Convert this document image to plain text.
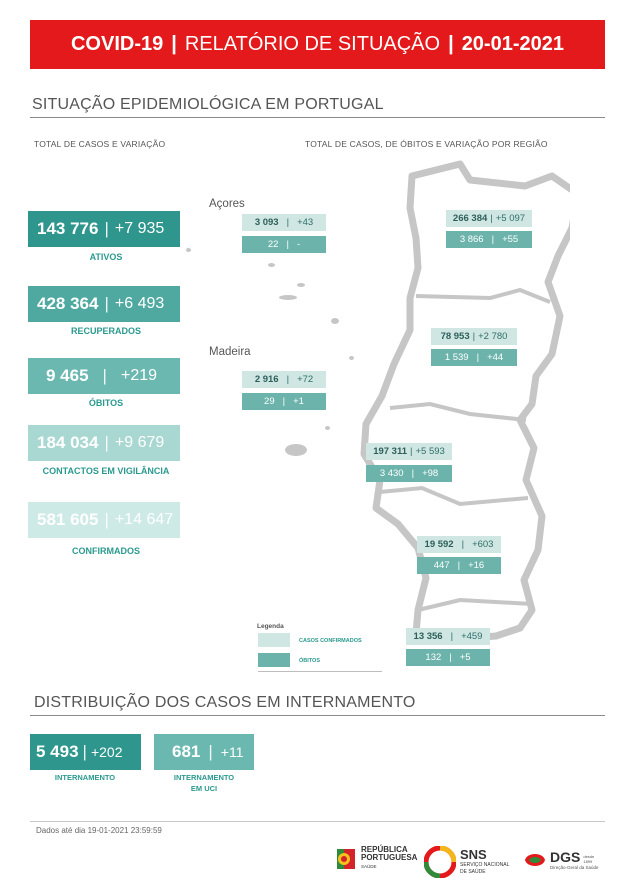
COVID-19 | RELATÓRIO DE SITUAÇÃO | 20-01-2021
SITUAÇÃO EPIDEMIOLÓGICA EM PORTUGAL
TOTAL DE CASOS E VARIAÇÃO	TOTAL DE CASOS, DE ÓBITOS E VARIAÇÃO POR REGIÃO
143 776 | +7 935
ATIVOS
428 364 | +6 493
RECUPERADOS
9 465 | +219
ÓBITOS
184 034 | +9 679
CONTACTOS EM VIGILÂNCIA
581 605 | +14 647
CONFIRMADOS
Açores
3 093 | +43
22 | -
Madeira
2 916 | +72
29 | +1
266 384 | +5 097
3 866 | +55
78 953 | +2 780
1 539 | +44
197 311 | +5 593
3 430 | +98
19 592 | +603
447 | +16
13 356 | +459
132 | +5
Legenda
CASOS CONFIRMADOS
ÓBITOS
DISTRIBUIÇÃO DOS CASOS EM INTERNAMENTO
5 493 | +202
INTERNAMENTO
681 | +11
INTERNAMENTO
EM UCI
Dados até dia 19-01-2021 23:59:59
REPÚBLICA
PORTUGUESA
SAÚDE
SNS
SERVIÇO NACIONAL
DE SAÚDE
DGS desde
1899
Direção-Geral da Saúde
